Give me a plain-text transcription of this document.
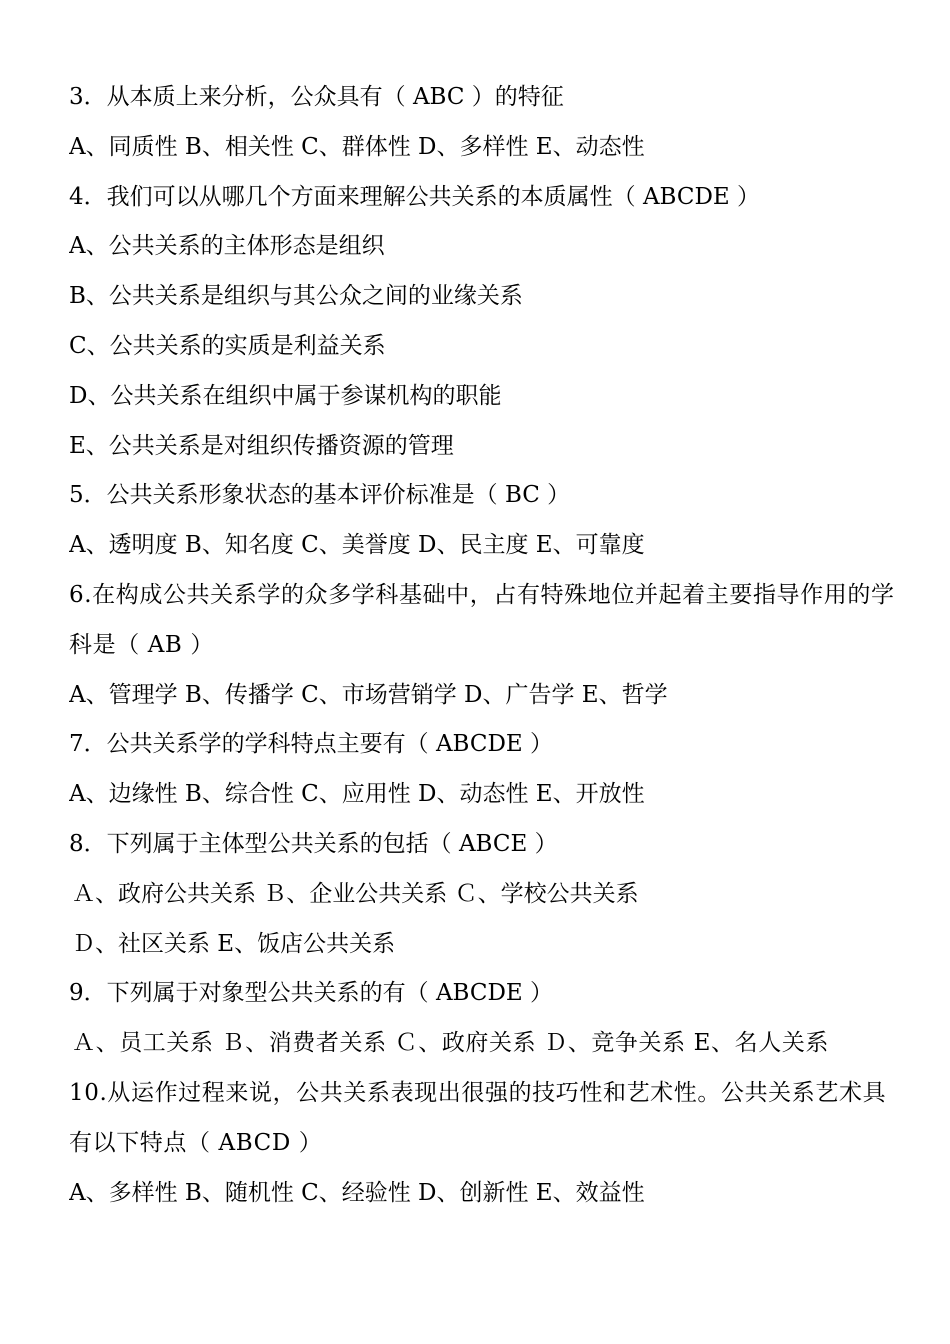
3．从本质上来分析，公众具有（ ABC ）的特征
A、同质性 B、相关性 C、群体性 D、多样性 E、动态性
4．我们可以从哪几个方面来理解公共关系的本质属性（ ABCDE ）
A、公共关系的主体形态是组织
B、公共关系是组织与其公众之间的业缘关系
C、公共关系的实质是利益关系
D、公共关系在组织中属于参谋机构的职能
E、公共关系是对组织传播资源的管理
5．公共关系形象状态的基本评价标准是（ BC ）
A、透明度 B、知名度 C、美誉度 D、民主度 E、可靠度
6.在构成公共关系学的众多学科基础中，占有特殊地位并起着主要指导作用的学科是（ AB ）
A、管理学 B、传播学 C、市场营销学 D、广告学 E、哲学
7．公共关系学的学科特点主要有（ ABCDE ）
A、边缘性 B、综合性 C、应用性 D、动态性 E、开放性
8．下列属于主体型公共关系的包括（ ABCE ）
Ａ、政府公共关系 Ｂ、企业公共关系 Ｃ、学校公共关系
Ｄ、社区关系 E、饭店公共关系
9．下列属于对象型公共关系的有（ ABCDE ）
Ａ、员工关系 Ｂ、消费者关系 Ｃ、政府关系 Ｄ、竞争关系 E、名人关系
10.从运作过程来说，公共关系表现出很强的技巧性和艺术性。公共关系艺术具有以下特点（ ABCD ）
A、多样性 B、随机性 C、经验性 D、创新性 E、效益性
